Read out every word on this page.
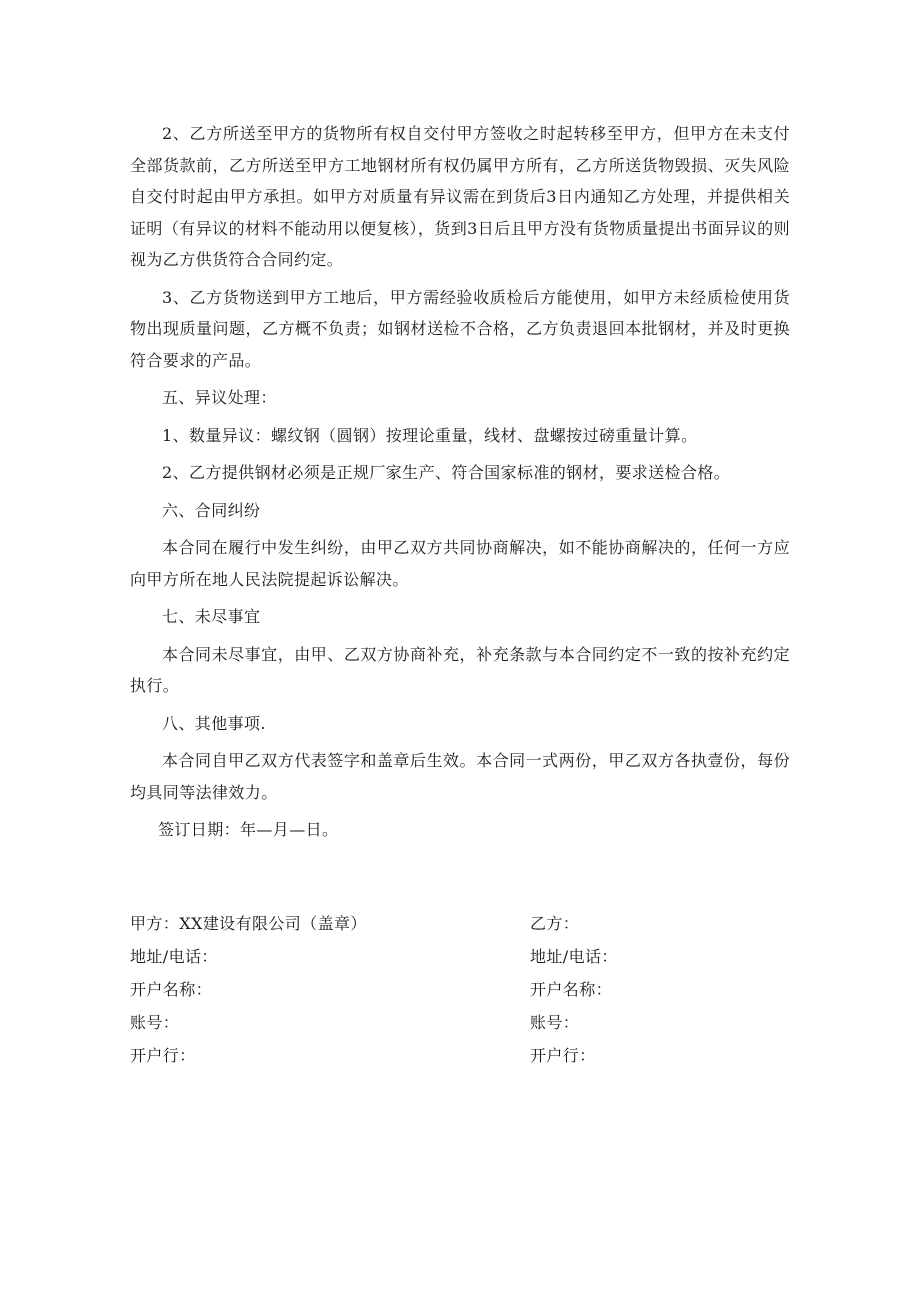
2、乙方所送至甲方的货物所有权自交付甲方签收之时起转移至甲方，但甲方在未支付全部货款前，乙方所送至甲方工地钢材所有权仍属甲方所有，乙方所送货物毁损、灭失风险自交付时起由甲方承担。如甲方对质量有异议需在到货后3日内通知乙方处理，并提供相关证明（有异议的材料不能动用以便复核），货到3日后且甲方没有货物质量提出书面异议的则视为乙方供货符合合同约定。

3、乙方货物送到甲方工地后，甲方需经验收质检后方能使用，如甲方未经质检使用货物出现质量问题，乙方概不负责；如钢材送检不合格，乙方负责退回本批钢材，并及时更换符合要求的产品。

五、异议处理：

1、数量异议：螺纹钢（圆钢）按理论重量，线材、盘螺按过磅重量计算。

2、乙方提供钢材必须是正规厂家生产、符合国家标准的钢材，要求送检合格。

六、合同纠纷

本合同在履行中发生纠纷，由甲乙双方共同协商解决，如不能协商解决的，任何一方应向甲方所在地人民法院提起诉讼解决。

七、未尽事宜

本合同未尽事宜，由甲、乙双方协商补充，补充条款与本合同约定不一致的按补充约定执行。

八、其他事项.

本合同自甲乙双方代表签字和盖章后生效。本合同一式两份，甲乙双方各执壹份，每份均具同等法律效力。

签订日期：年—月—日。

甲方：XX建设有限公司（盖章）
地址/电话：
开户名称：
账号：
开户行：
乙方：
地址/电话：
开户名称：
账号：
开户行：
